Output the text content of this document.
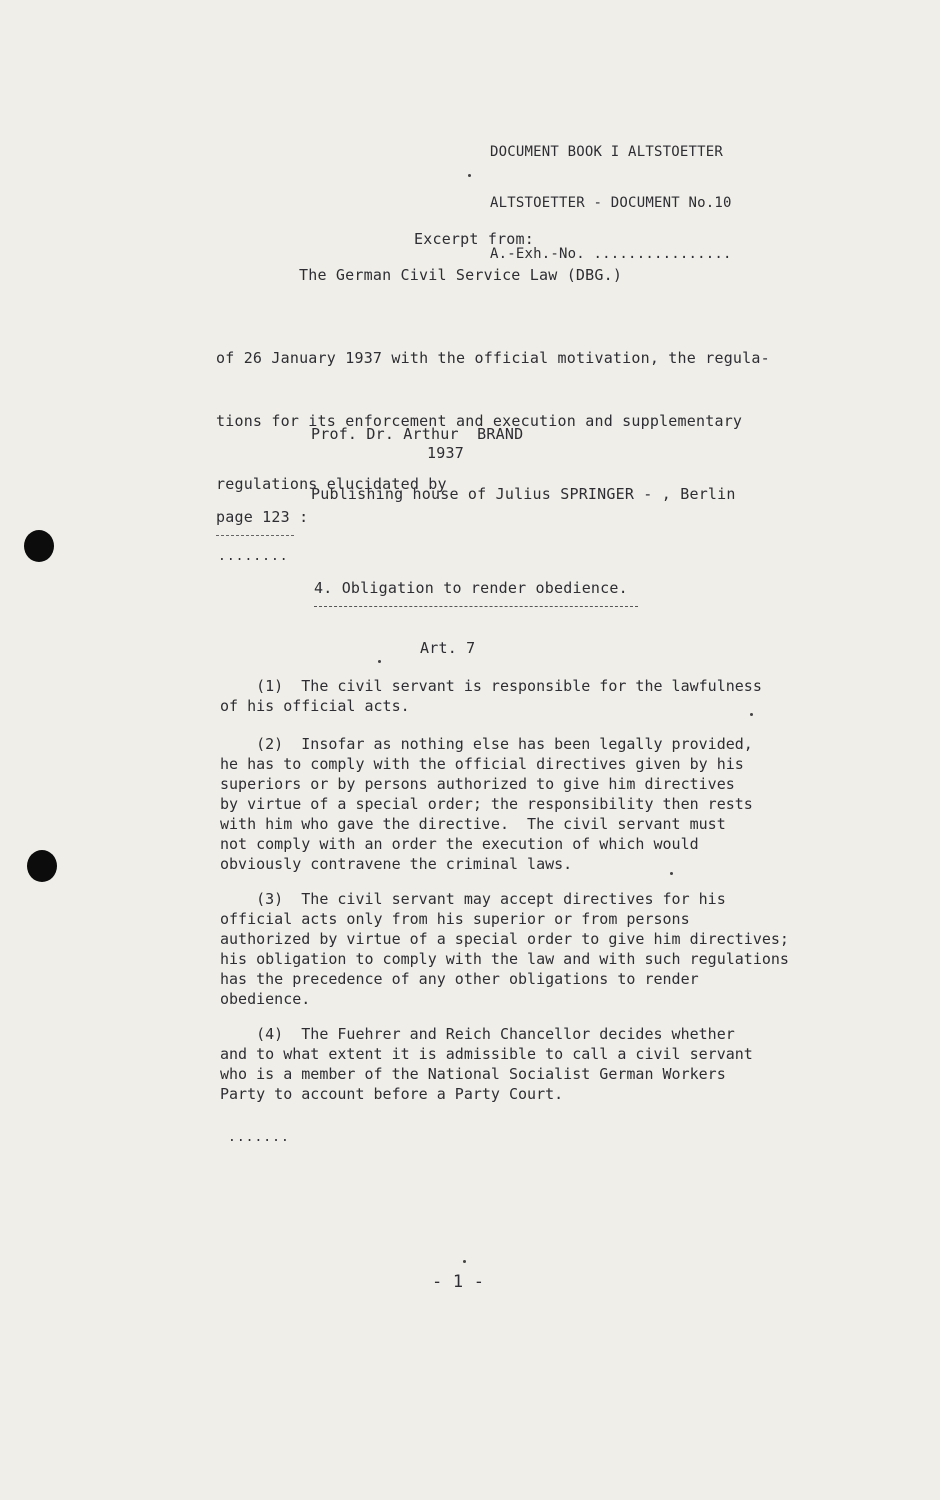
DOCUMENT BOOK I ALTSTOETTER

ALTSTOETTER - DOCUMENT No.10

A.-Exh.-No. ................

Excerpt from:
The German Civil Service Law (DBG.)

of 26 January 1937 with the official motivation, the regula-

tions for its enforcement and execution and supplementary

regulations elucidated by

Prof. Dr. Arthur  BRAND

Publishing house of Julius SPRINGER - , Berlin

1937
page 123 :
........
4. Obligation to render obedience.
Art. 7
(1)  The civil servant is responsible for the lawfulness
of his official acts.
(2)  Insofar as nothing else has been legally provided,
he has to comply with the official directives given by his
superiors or by persons authorized to give him directives
by virtue of a special order; the responsibility then rests
with him who gave the directive.  The civil servant must
not comply with an order the execution of which would
obviously contravene the criminal laws.
(3)  The civil servant may accept directives for his
official acts only from his superior or from persons
authorized by virtue of a special order to give him directives;
his obligation to comply with the law and with such regulations
has the precedence of any other obligations to render
obedience.
(4)  The Fuehrer and Reich Chancellor decides whether
and to what extent it is admissible to call a civil servant
who is a member of the National Socialist German Workers
Party to account before a Party Court.
.......
- 1 -
